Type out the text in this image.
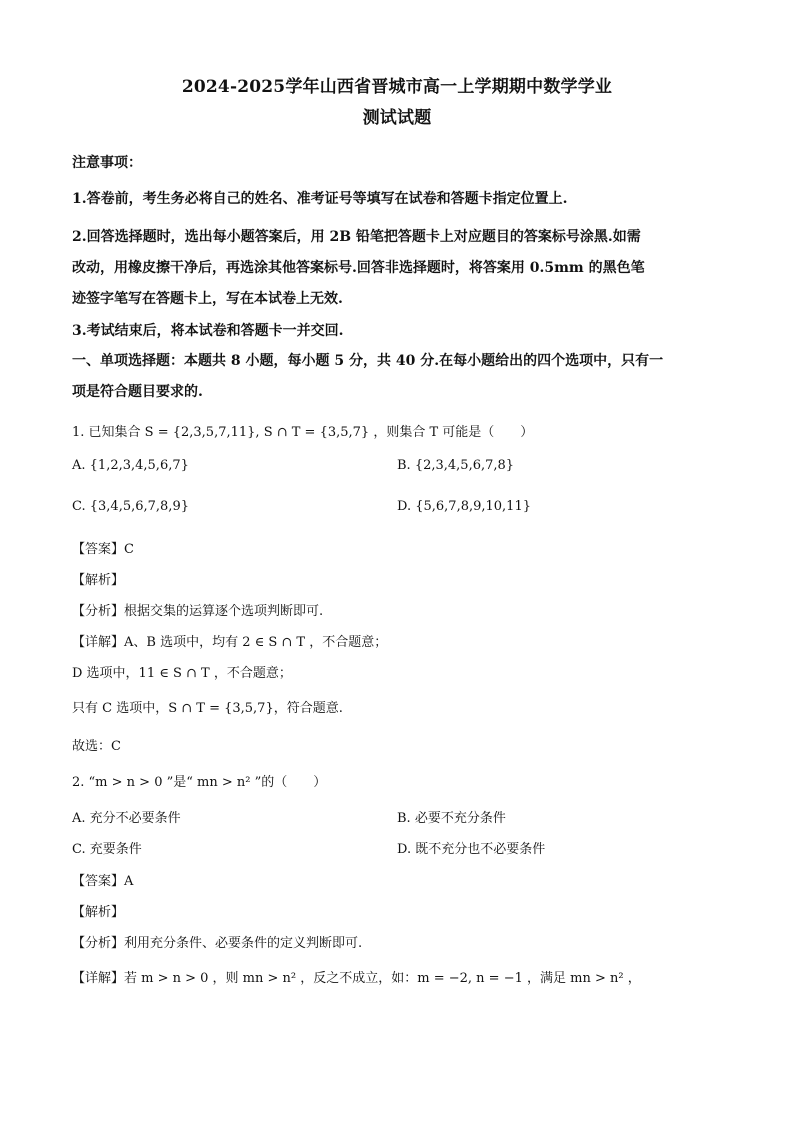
2024-2025学年山西省晋城市高一上学期期中数学学业
测试试题
注意事项：
1.答卷前，考生务必将自己的姓名、准考证号等填写在试卷和答题卡指定位置上.
2.回答选择题时，选出每小题答案后，用 2B 铅笔把答题卡上对应题目的答案标号涂黑.如需
改动，用橡皮擦干净后，再选涂其他答案标号.回答非选择题时，将答案用 0.5mm 的黑色笔
迹签字笔写在答题卡上，写在本试卷上无效.
3.考试结束后，将本试卷和答题卡一并交回.
一、单项选择题：本题共 8 小题，每小题 5 分，共 40 分.在每小题给出的四个选项中，只有一
项是符合题目要求的.
1. 已知集合 S = {2,3,5,7,11}, S ∩ T = {3,5,7} ，则集合 T 可能是（　　）
A. {1,2,3,4,5,6,7}	B. {2,3,4,5,6,7,8}
C. {3,4,5,6,7,8,9}	D. {5,6,7,8,9,10,11}
【答案】C
【解析】
【分析】根据交集的运算逐个选项判断即可.
【详解】A、B 选项中，均有 2 ∈ S ∩ T ，不合题意；
D 选项中，11 ∈ S ∩ T ，不合题意；
只有 C 选项中，S ∩ T = {3,5,7}，符合题意.
故选：C
2. “m > n > 0 ”是“ mn > n² ”的（　　）
A. 充分不必要条件	B. 必要不充分条件
C. 充要条件	D. 既不充分也不必要条件
【答案】A
【解析】
【分析】利用充分条件、必要条件的定义判断即可.
【详解】若 m > n > 0 ，则 mn > n² ，反之不成立，如：m = −2, n = −1 ，满足 mn > n² ，
